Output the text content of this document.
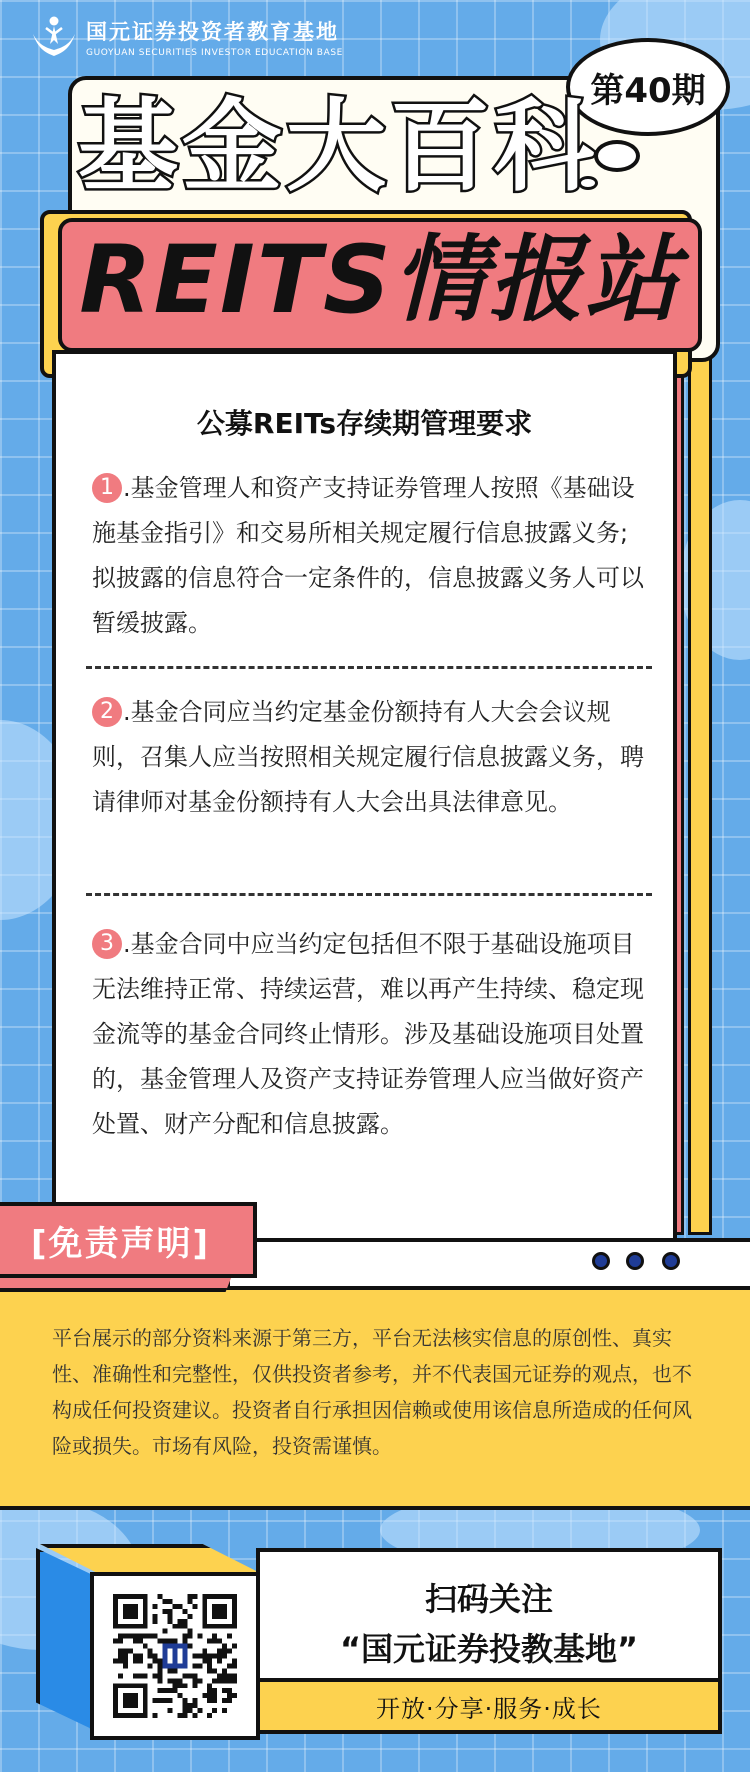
国元证券投资者教育基地
GUOYUAN SECURITIES INVESTOR EDUCATION BASE
第40期
基金大百科
REITS情报站
公募REITs存续期管理要求
1 .基金管理人和资产支持证券管理人按照《基础设施基金指引》和交易所相关规定履行信息披露义务;拟披露的信息符合一定条件的，信息披露义务人可以暂缓披露。
2 .基金合同应当约定基金份额持有人大会会议规则，召集人应当按照相关规定履行信息披露义务，聘请律师对基金份额持有人大会出具法律意见。
3 .基金合同中应当约定包括但不限于基础设施项目无法维持正常、持续运营，难以再产生持续、稳定现金流等的基金合同终止情形。涉及基础设施项目处置的，基金管理人及资产支持证券管理人应当做好资产处置、财产分配和信息披露。
[免责声明]
平台展示的部分资料来源于第三方，平台无法核实信息的原创性、真实性、准确性和完整性，仅供投资者参考，并不代表国元证券的观点，也不构成任何投资建议。投资者自行承担因信赖或使用该信息所造成的任何风险或损失。市场有风险，投资需谨慎。
扫码关注
“国元证券投教基地”
开放·分享·服务·成长
